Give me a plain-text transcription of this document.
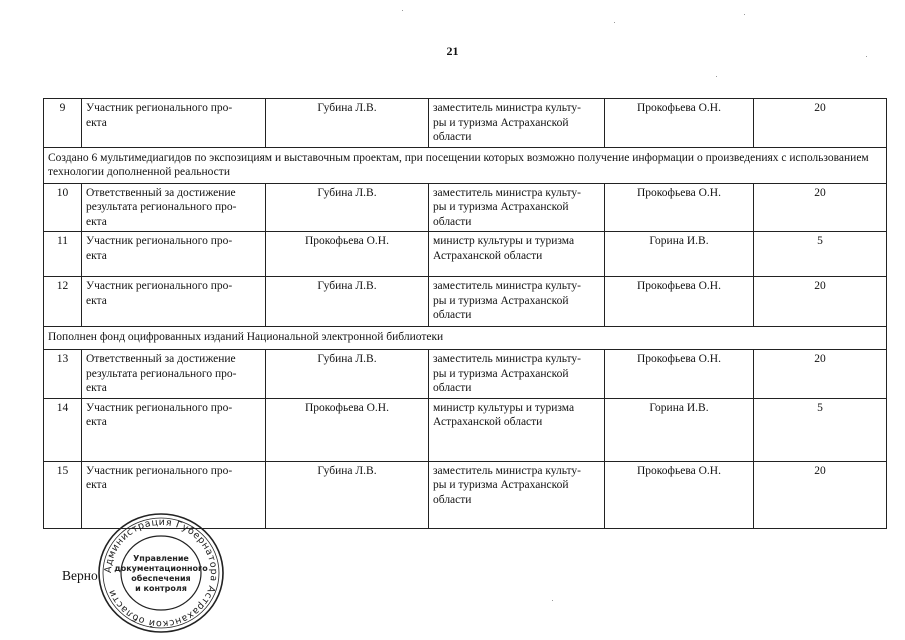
21
9	Участник регионального про-
екта	Губина Л.В.	заместитель министра культу-
ры и туризма Астраханской
области	Прокофьева О.Н.	20
Создано 6 мультимедиагидов по экспозициям и выставочным проектам, при посещении которых возможно получение информации о произведениях с использованием технологии дополненной реальности					
10	Ответственный за достижение
результата регионального про-
екта	Губина Л.В.	заместитель министра культу-
ры и туризма Астраханской
области	Прокофьева О.Н.	20
11	Участник регионального про-
екта	Прокофьева О.Н.	министр культуры и туризма
Астраханской области	Горина И.В.	5
12	Участник регионального про-
екта	Губина Л.В.	заместитель министра культу-
ры и туризма Астраханской
области	Прокофьева О.Н.	20
Пополнен фонд оцифрованных изданий Национальной электронной библиотеки					
13	Ответственный за достижение
результата регионального про-
екта	Губина Л.В.	заместитель министра культу-
ры и туризма Астраханской
области	Прокофьева О.Н.	20
14	Участник регионального про-
екта	Прокофьева О.Н.	министр культуры и туризма
Астраханской области	Горина И.В.	5
15	Участник регионального про-
екта	Губина Л.В.	заместитель министра культу-
ры и туризма Астраханской
области	Прокофьева О.Н.	20
Верно Администрация Губернатора Астраханской области
Управление документационного обеспечения и контроля
